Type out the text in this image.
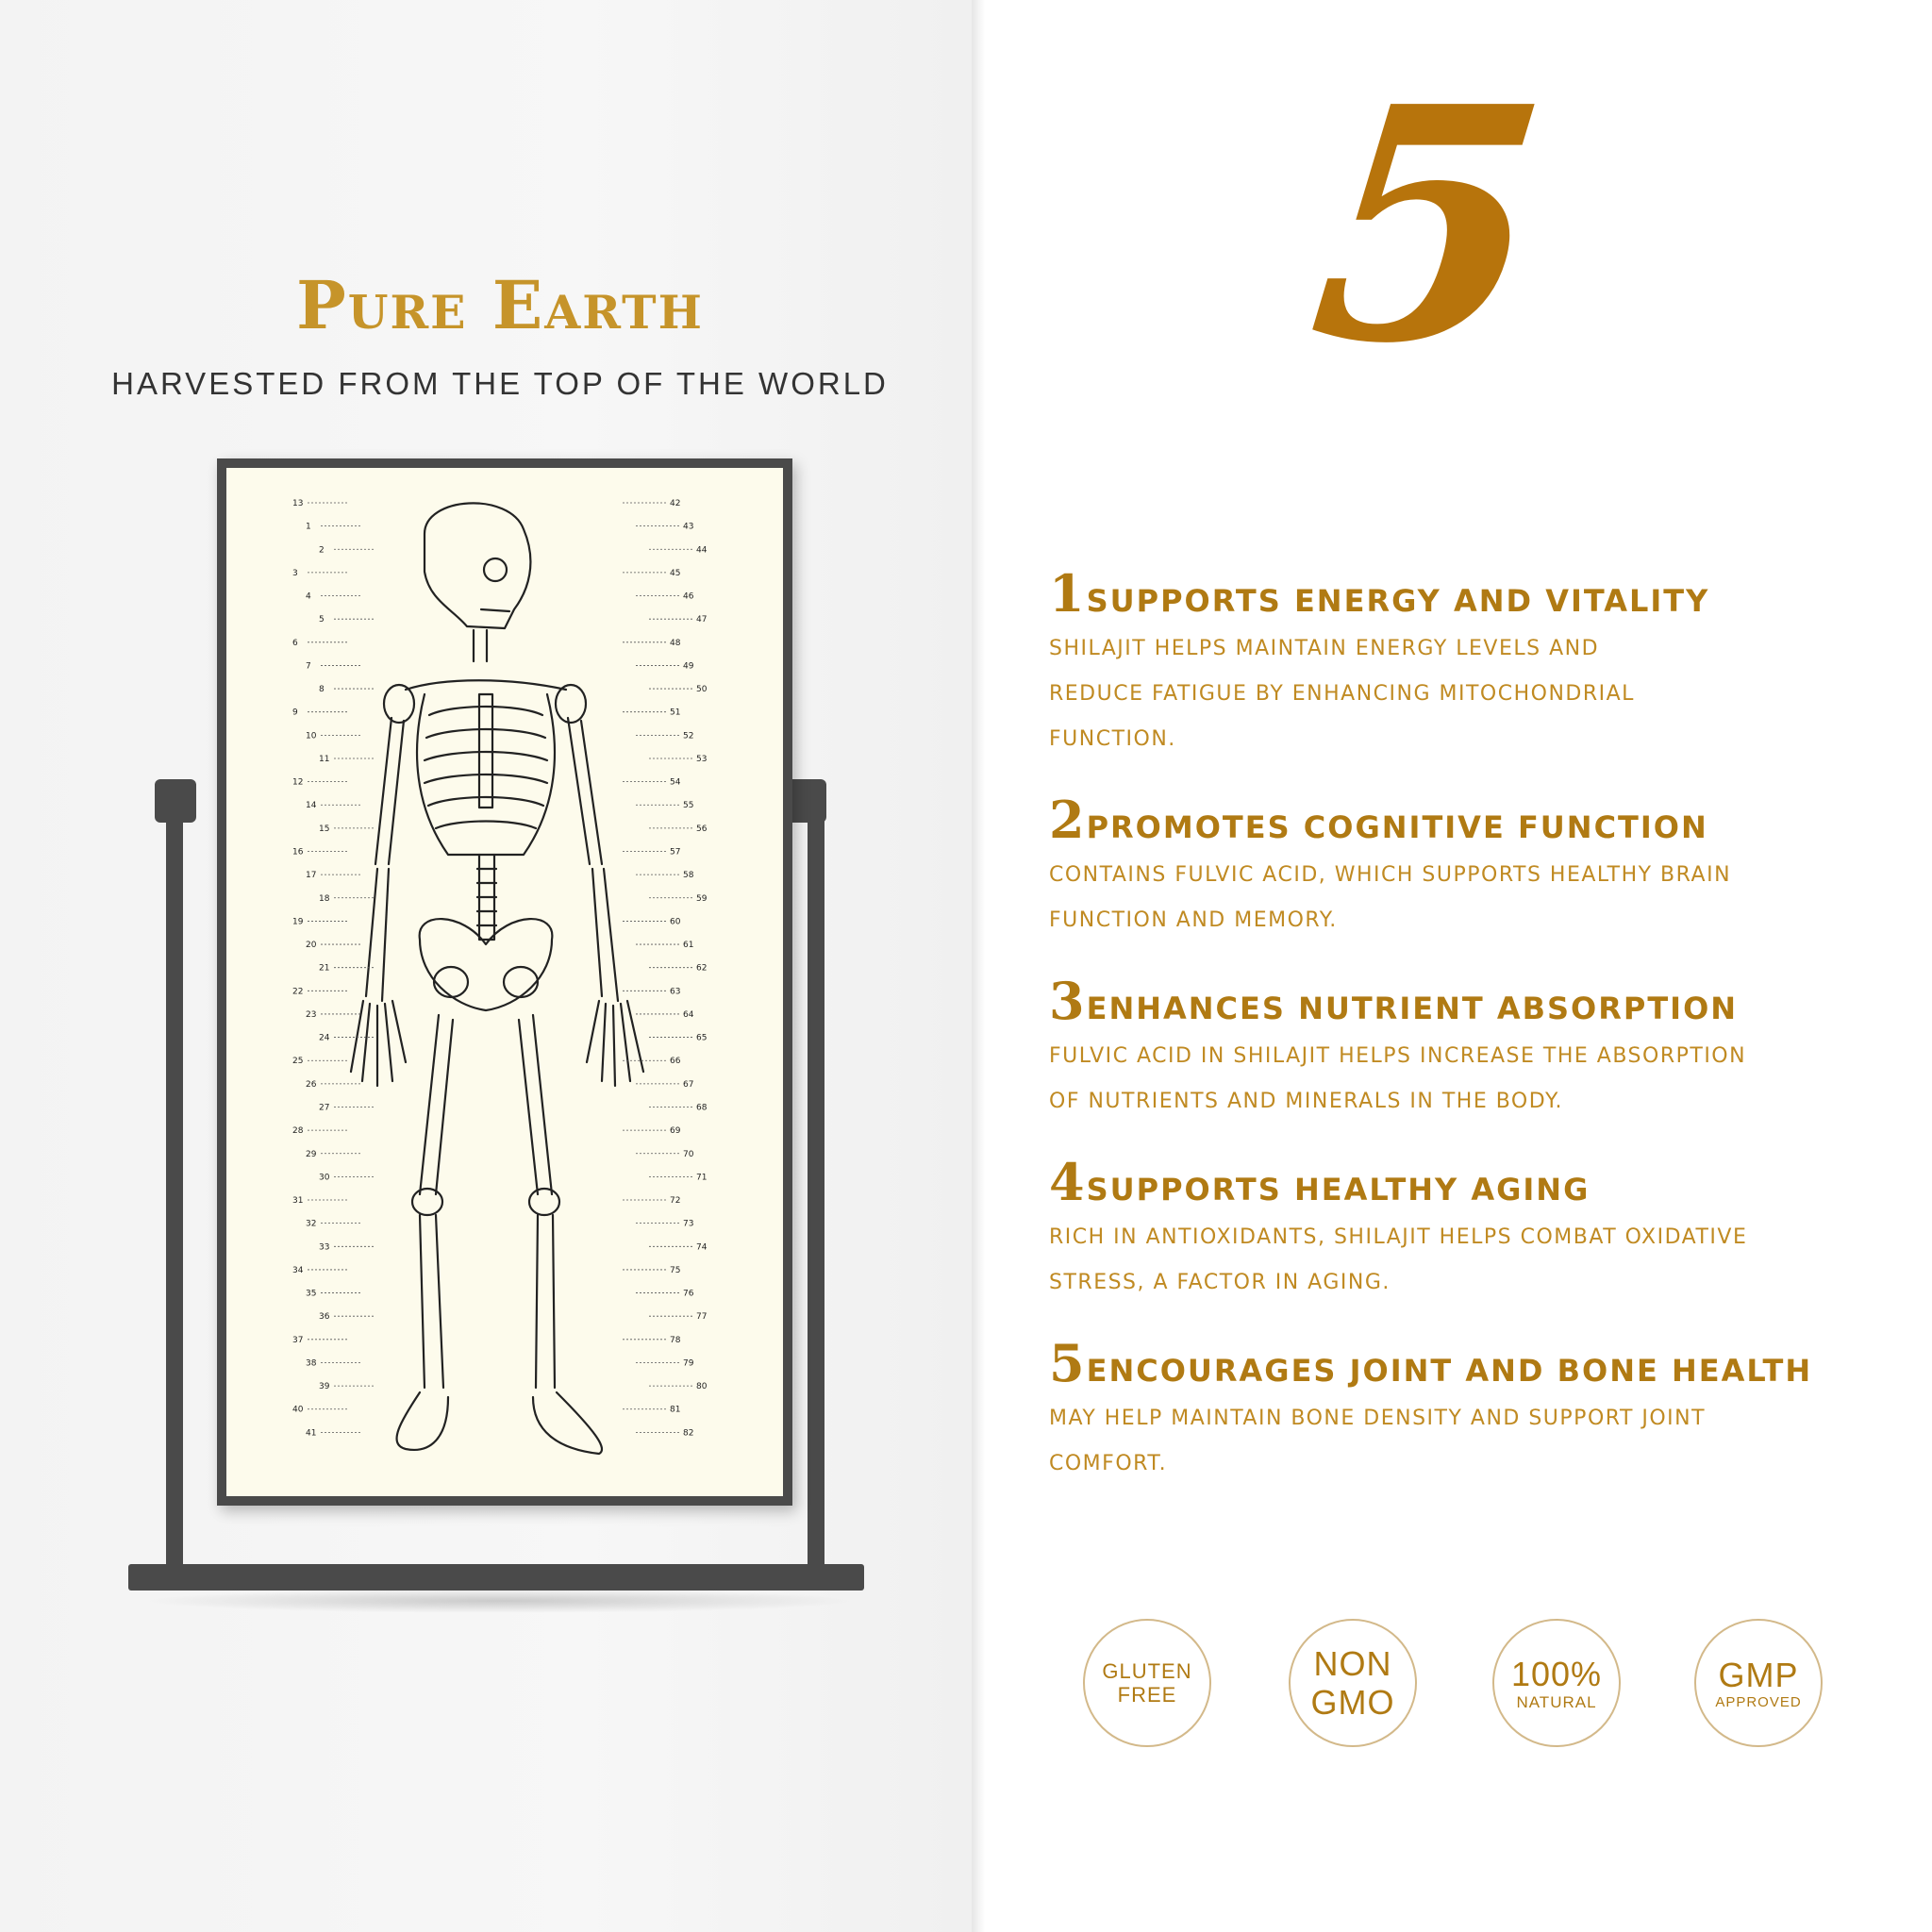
Pure Earth
HARVESTED FROM THE TOP OF THE WORLD
13
1
2
3
4
5
6
7
8
9
10
11
12
14
15
16
17
18
19
20
21
22
23
24
25
26
27
28
29
30
31
32
33
34
35
36
37
38
39
40
41
42
43
44
45
46
47
48
49
50
51
52
53
54
55
56
57
58
59
60
61
62
63
64
65
66
67
68
69
70
71
72
73
74
75
76
77
78
79
80
81
82
5
1 SUPPORTS ENERGY AND VITALITY
SHILAJIT HELPS MAINTAIN ENERGY LEVELS AND
REDUCE FATIGUE BY ENHANCING MITOCHONDRIAL
FUNCTION.
2 PROMOTES COGNITIVE FUNCTION
CONTAINS FULVIC ACID, WHICH SUPPORTS HEALTHY BRAIN
FUNCTION AND MEMORY.
3 ENHANCES NUTRIENT ABSORPTION
FULVIC ACID IN SHILAJIT HELPS INCREASE THE ABSORPTION
OF NUTRIENTS AND MINERALS IN THE BODY.
4 SUPPORTS HEALTHY AGING
RICH IN ANTIOXIDANTS, SHILAJIT HELPS COMBAT OXIDATIVE
STRESS, A FACTOR IN AGING.
5 ENCOURAGES JOINT AND BONE HEALTH
MAY HELP MAINTAIN BONE DENSITY AND SUPPORT JOINT
COMFORT.
GLUTEN
FREE
NON
GMO
100%
NATURAL
GMP
APPROVED
